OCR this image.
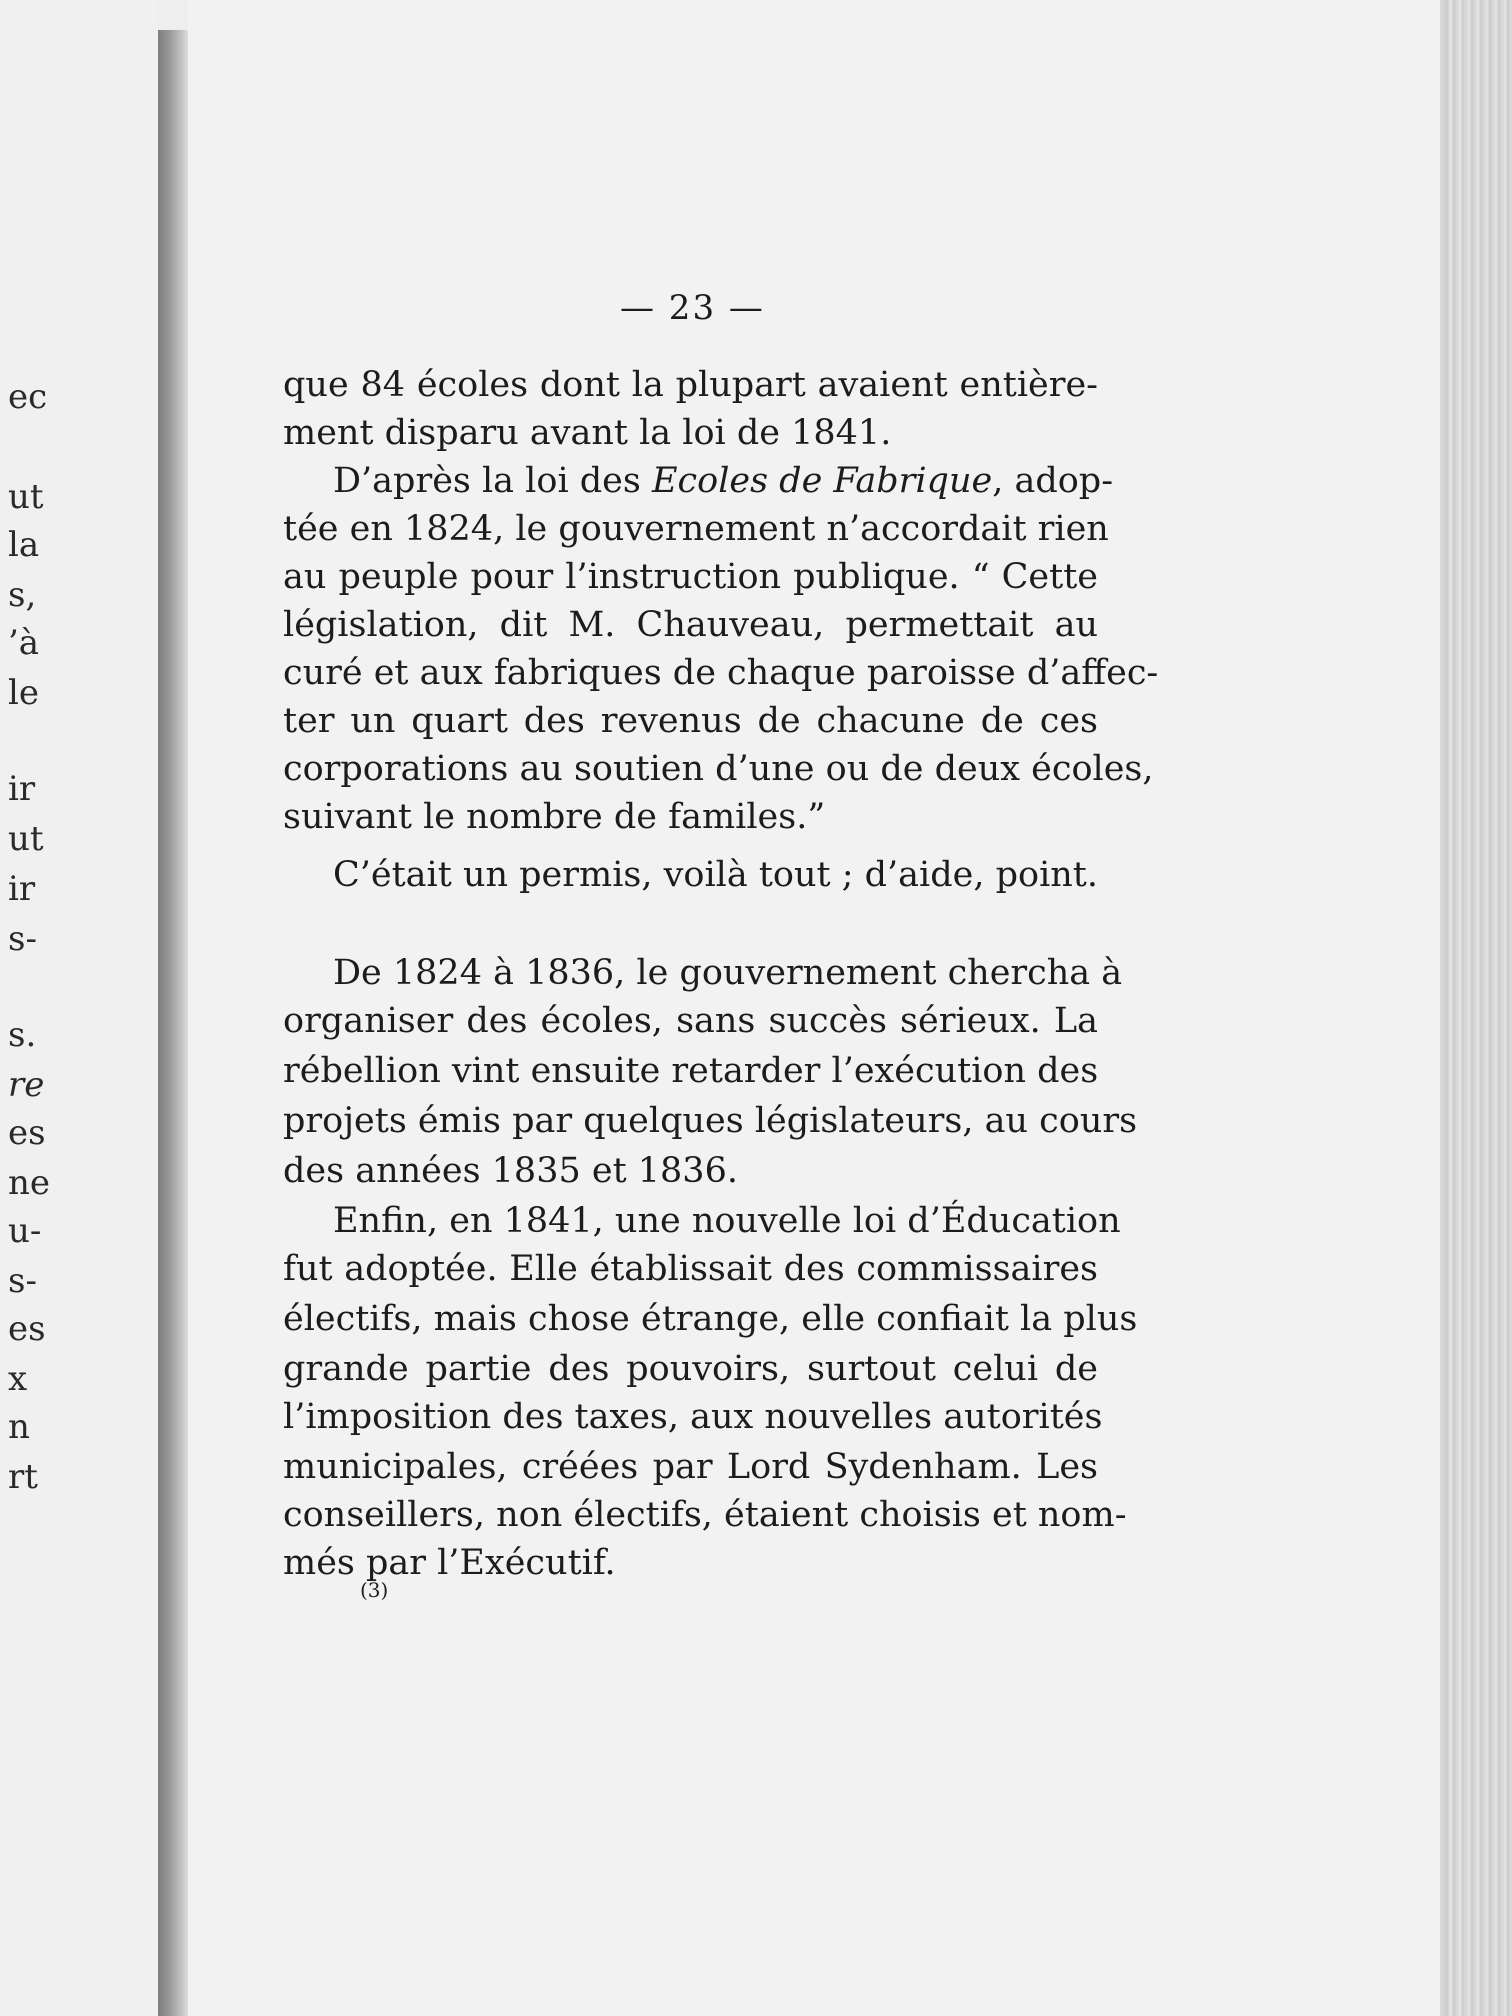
ec
ut
la
s,
’à
le
ir
ut
ir
s-
s.
re
es
ne
u-
s-
es
x
n
rt
— 23 —
que 84 écoles dont la plupart avaient entière-
ment disparu avant la loi de 1841.
D’après la loi des Ecoles de Fabrique, adop-
tée en 1824, le gouvernement n’accordait rien
au peuple pour l’instruction publique. “ Cette
législation, dit M. Chauveau, permettait au
curé et aux fabriques de chaque paroisse d’affec-
ter un quart des revenus de chacune de ces
corporations au soutien d’une ou de deux écoles,
suivant le nombre de familes.”
C’était un permis, voilà tout ; d’aide, point.
De 1824 à 1836, le gouvernement chercha à
organiser des écoles, sans succès sérieux. La
rébellion vint ensuite retarder l’exécution des
projets émis par quelques législateurs, au cours
des années 1835 et 1836.
Enfin, en 1841, une nouvelle loi d’Éducation
fut adoptée. Elle établissait des commissaires
électifs, mais chose étrange, elle confiait la plus
grande partie des pouvoirs, surtout celui de
l’imposition des taxes, aux nouvelles autorités
municipales, créées par Lord Sydenham. Les
conseillers, non électifs, étaient choisis et nom-
més par l’Exécutif.
(3)
